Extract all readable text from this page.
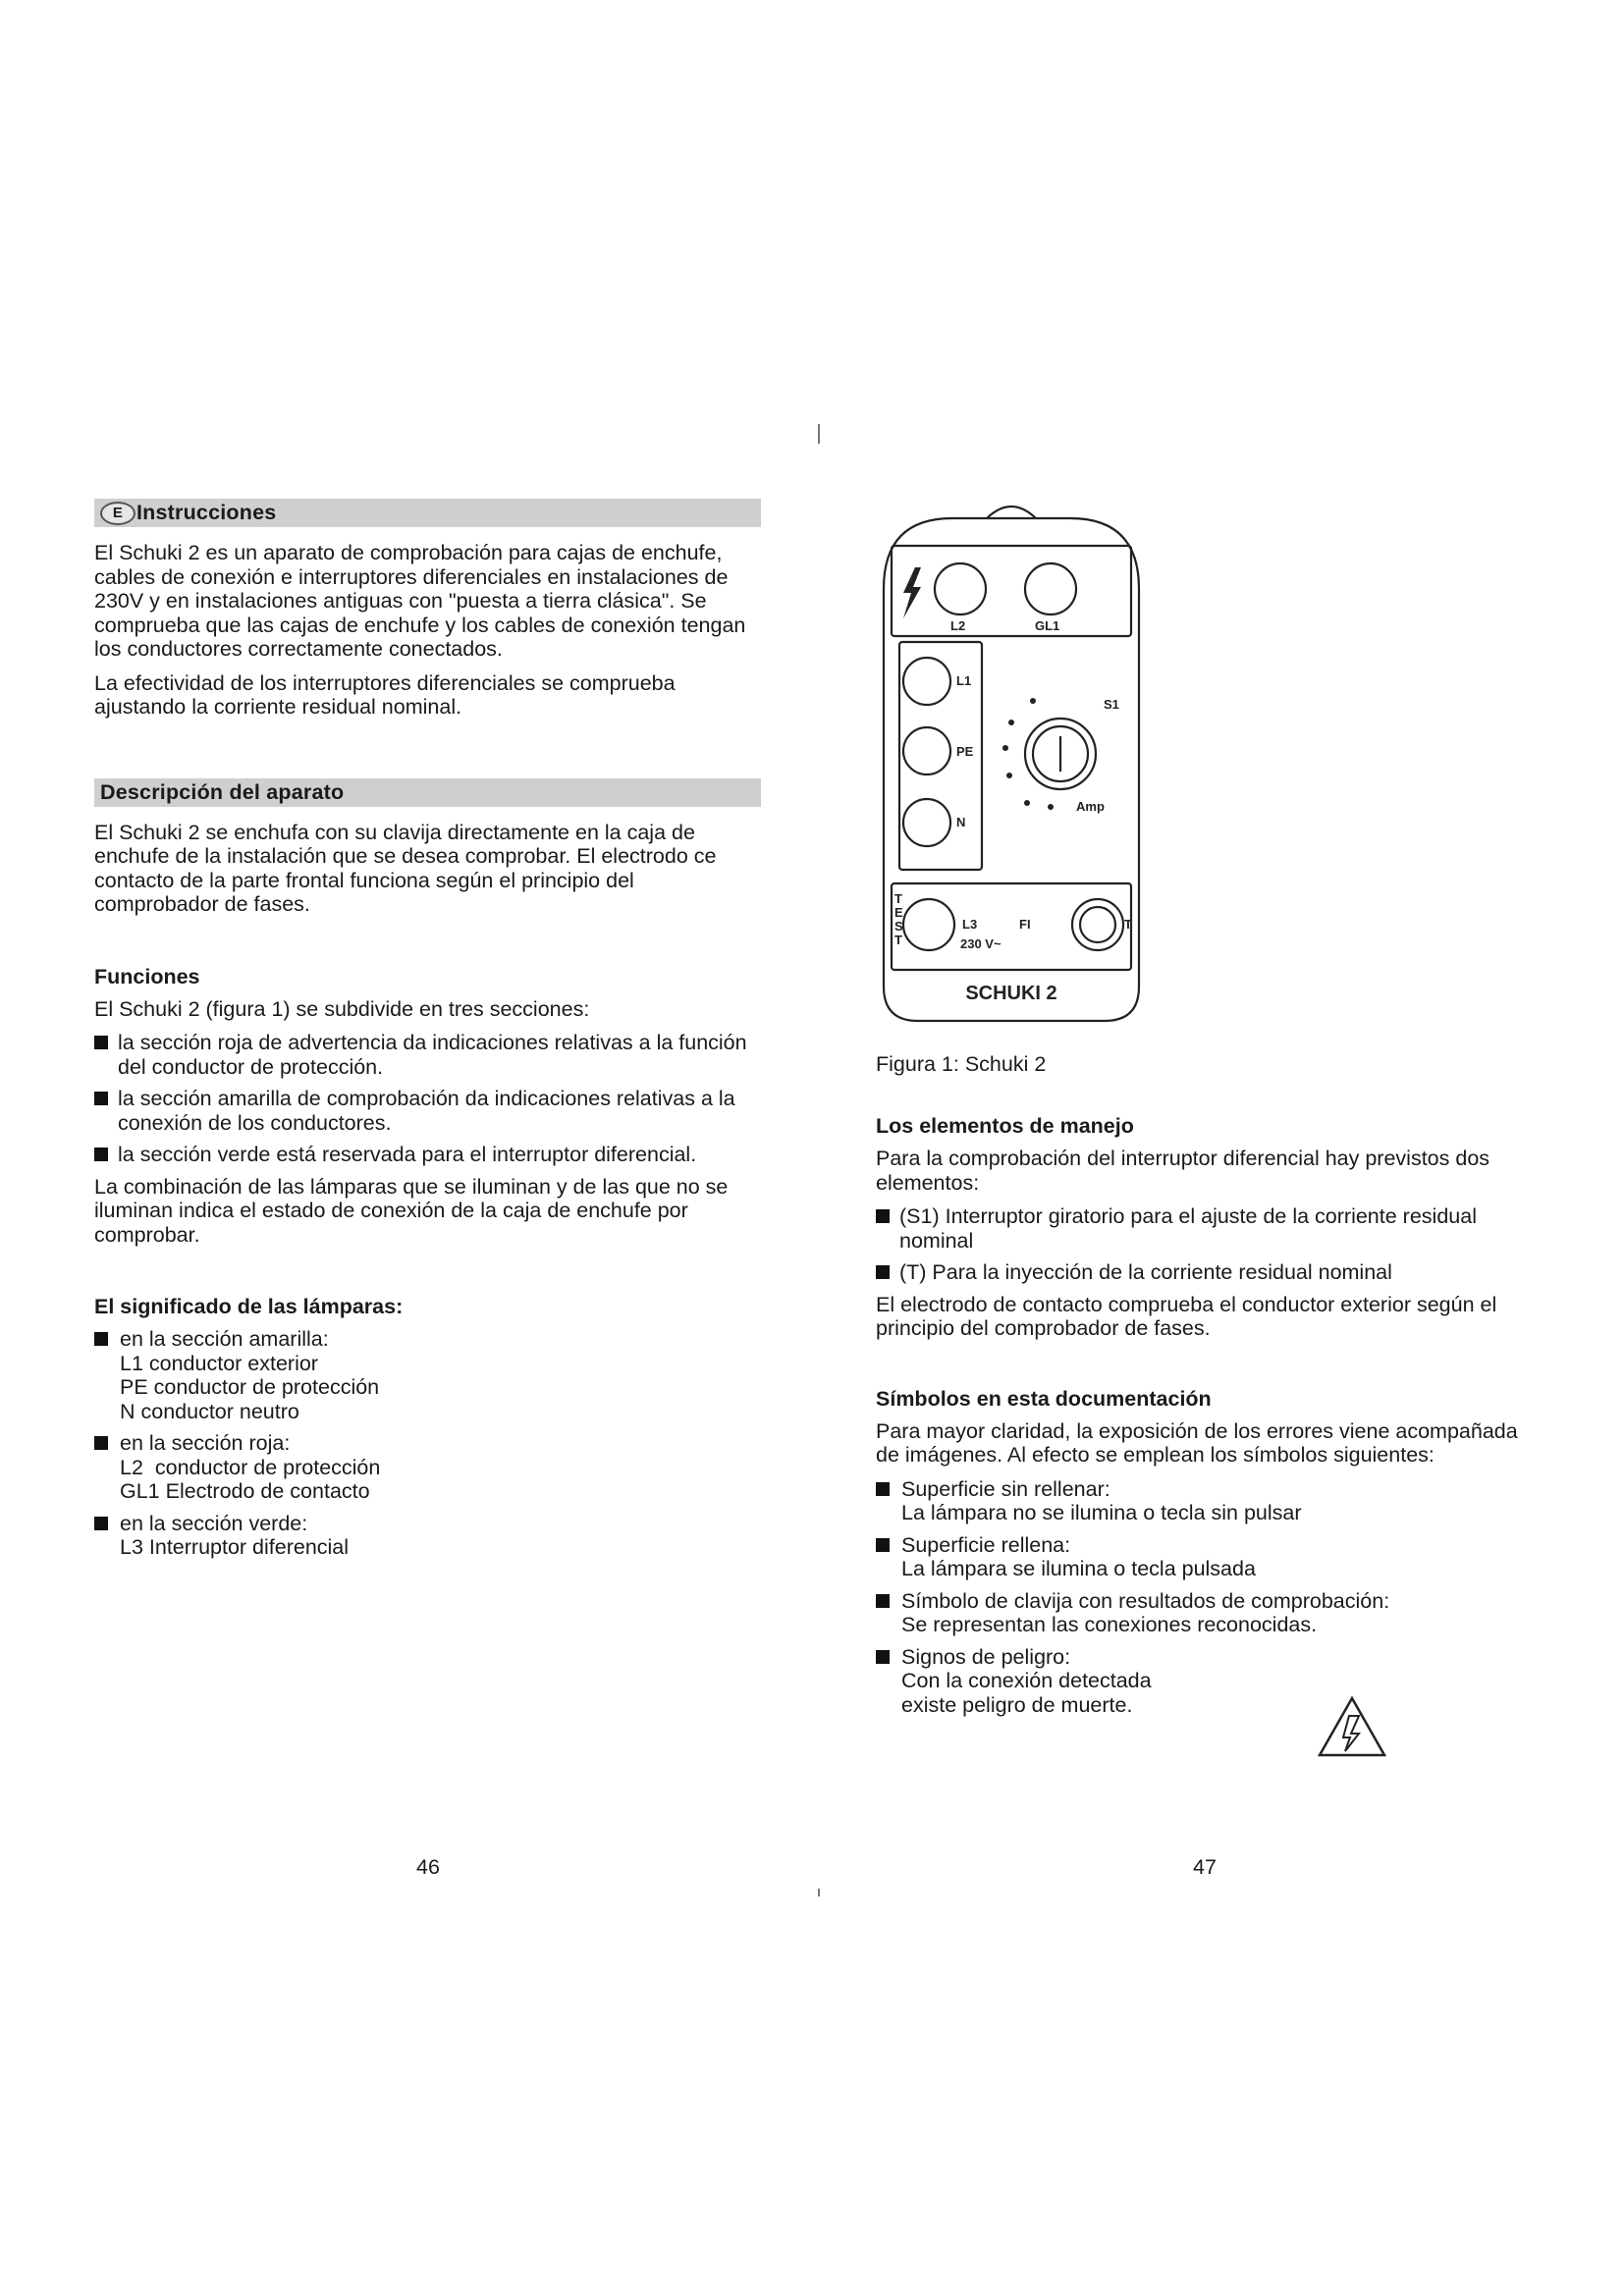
E Instrucciones

El Schuki 2 es un aparato de comprobación para cajas de enchufe, cables de conexión e interruptores diferenciales en instalaciones de 230V y en instalaciones antiguas con "puesta a tierra clásica". Se comprueba que las cajas de enchufe y los cables de conexión tengan los conductores correctamente conectados.

La efectividad de los interruptores diferenciales se comprueba ajustando la corriente residual nominal.

Descripción del aparato

El Schuki 2 se enchufa con su clavija directamente en la caja de enchufe de la instalación que se desea comprobar. El electrodo ce contacto de la parte frontal funciona según el principio del comprobador de fases.

Funciones

El Schuki 2 (figura 1) se subdivide en tres secciones:

la sección roja de advertencia da indicaciones relativas a la función del conductor de protección.
la sección amarilla de comprobación da indicaciones relativas a la conexión de los conductores.
la sección verde está reservada para el interruptor diferencial.

La combinación de las lámparas que se iluminan y de las que no se iluminan indica el estado de conexión de la caja de enchufe por comprobar.

El significado de las lámparas:
en la sección amarilla:
L1 conductor exterior
PE conductor de protección
N conductor neutro
en la sección roja:
L2  conductor de protección
GL1 Electrodo de contacto
en la sección verde:
L3 Interruptor diferencial
L2	GL1
L1
PE
N
S1
Amp
L3	FI
230 V~
T
T
E
S
T
SCHUKI 2

Figura 1: Schuki 2

Los elementos de manejo

Para la comprobación del interruptor diferencial hay previstos dos elementos:

(S1) Interruptor giratorio para el ajuste de la corriente residual nominal
(T) Para la inyección de la corriente residual nominal

El electrodo de contacto comprueba el conductor exterior según el principio del comprobador de fases.

Símbolos en esta documentación

Para mayor claridad, la exposición de los errores viene acompañada de imágenes. Al efecto se emplean los símbolos siguientes:

Superficie sin rellenar:
La lámpara no se ilumina o tecla sin pulsar
Superficie rellena:
La lámpara se ilumina o tecla pulsada
Símbolo de clavija con resultados de comprobación:
Se representan las conexiones reconocidas.
Signos de peligro:
Con la conexión detectada
existe peligro de muerte.
46	47
